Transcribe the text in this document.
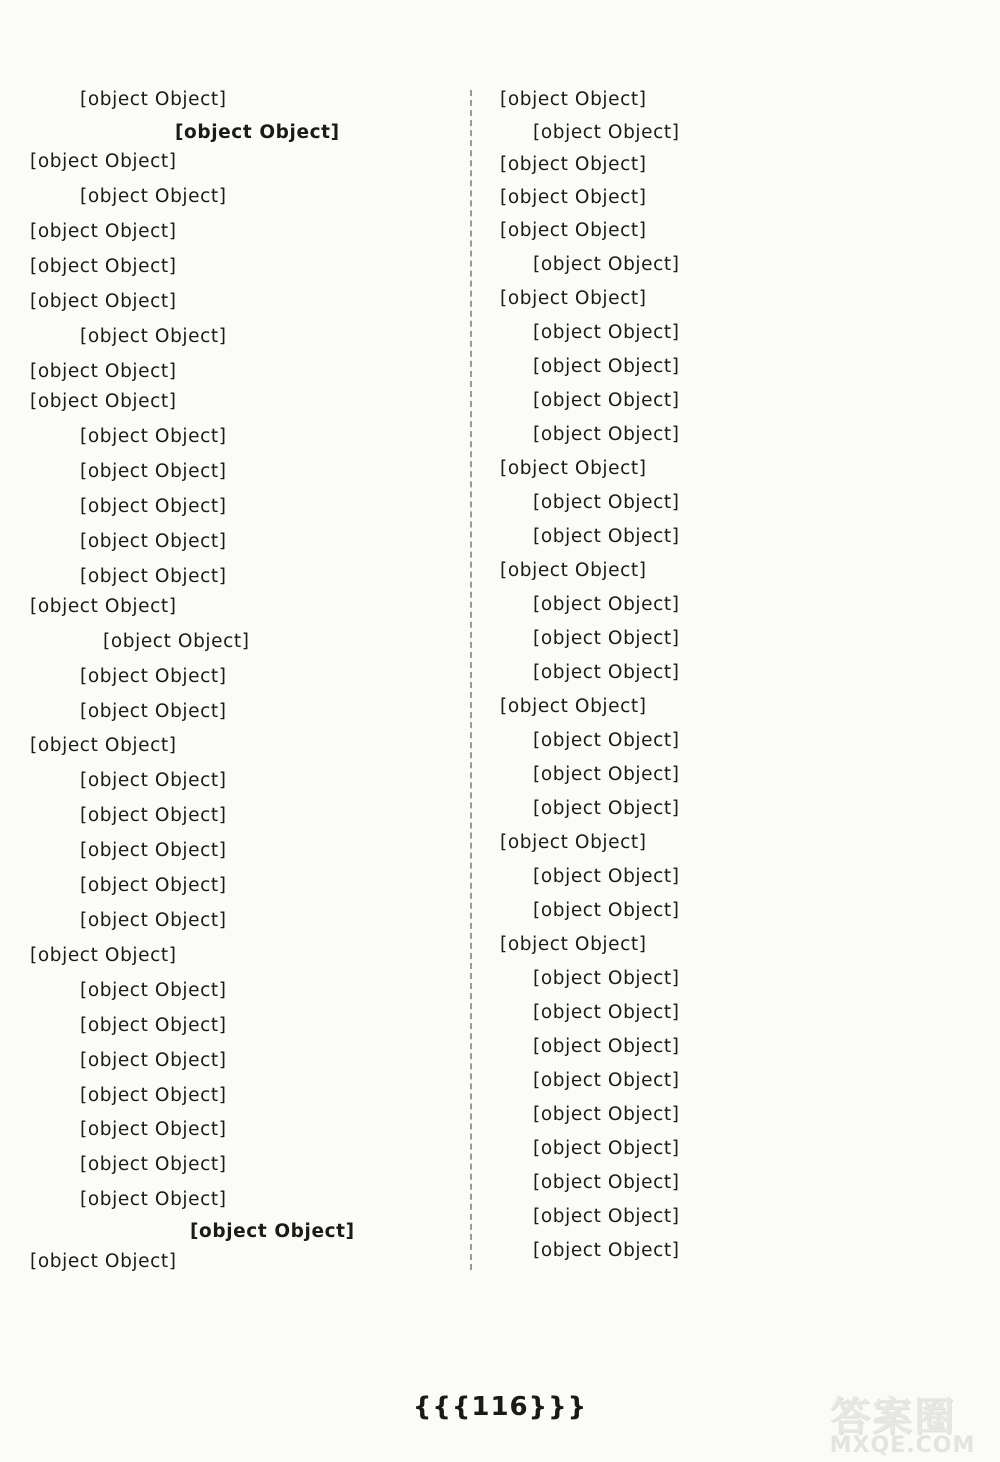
[object Object]
[object Object]
[object Object]
[object Object]
[object Object]
[object Object]
[object Object]
[object Object]
[object Object]
[object Object]
[object Object]
[object Object]
[object Object]
[object Object]
[object Object]
[object Object]
[object Object]
[object Object]
[object Object]
[object Object]
[object Object]
[object Object]
[object Object]
[object Object]
[object Object]
[object Object]
[object Object]
[object Object]
[object Object]
[object Object]
[object Object]
[object Object]
[object Object]
[object Object]
[object Object]
[object Object]
[object Object]
[object Object]
[object Object]
[object Object]
[object Object]
[object Object]
[object Object]
[object Object]
[object Object]
[object Object]
[object Object]
[object Object]
[object Object]
[object Object]
[object Object]
[object Object]
[object Object]
[object Object]
[object Object]
[object Object]
[object Object]
[object Object]
[object Object]
[object Object]
[object Object]
[object Object]
[object Object]
[object Object]
[object Object]
[object Object]
[object Object]
[object Object]
[object Object]
[object Object]
{{{116}}}	答案圈
MXQE.COM
